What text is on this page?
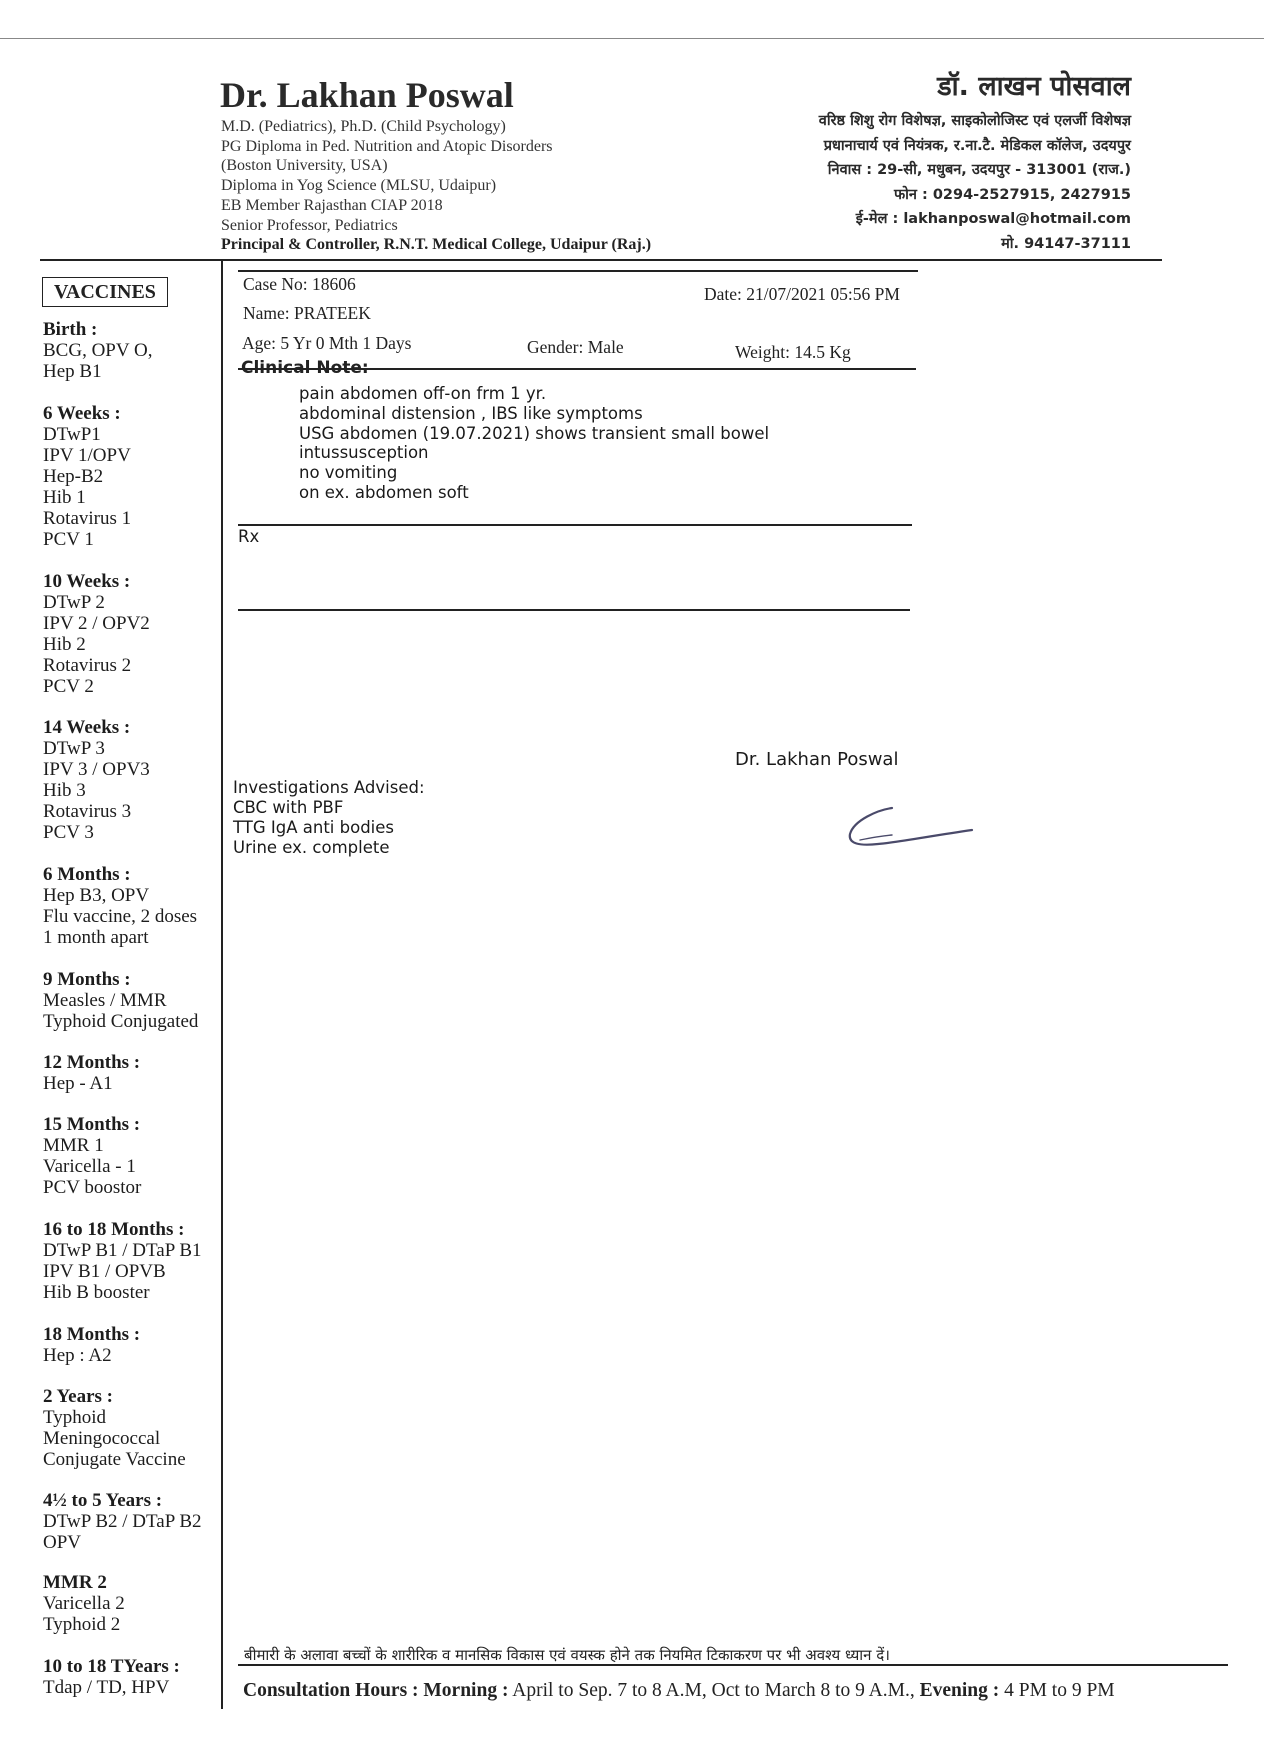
Dr. Lakhan Poswal
M.D. (Pediatrics), Ph.D. (Child Psychology)
PG Diploma in Ped. Nutrition and Atopic Disorders
(Boston University, USA)
Diploma in Yog Science (MLSU, Udaipur)
EB Member Rajasthan CIAP 2018
Senior Professor, Pediatrics
Principal & Controller, R.N.T. Medical College, Udaipur (Raj.)
डॉ. लाखन पोसवाल
वरिष्ठ शिशु रोग विशेषज्ञ, साइकोलोजिस्ट एवं एलर्जी विशेषज्ञ
प्रधानाचार्य एवं नियंत्रक, र.ना.टै. मेडिकल कॉलेज, उदयपुर
निवास : 29-सी, मधुबन, उदयपुर - 313001 (राज.)
फोन : 0294-2527915, 2427915
ई-मेल : lakhanposwal@hotmail.com
मो. 94147-37111
VACCINES
Birth :
BCG, OPV O,
Hep B1
6 Weeks :
DTwP1
IPV 1/OPV
Hep-B2
Hib 1
Rotavirus 1
PCV 1
10 Weeks :
DTwP 2
IPV 2 / OPV2
Hib 2
Rotavirus 2
PCV 2
14 Weeks :
DTwP 3
IPV 3 / OPV3
Hib 3
Rotavirus 3
PCV 3
6 Months :
Hep B3, OPV
Flu vaccine, 2 doses
1 month apart
9 Months :
Measles / MMR
Typhoid Conjugated
12 Months :
Hep - A1
15 Months :
MMR 1
Varicella - 1
PCV boostor
16 to 18 Months :
DTwP B1 / DTaP B1
IPV B1 / OPVB
Hib B booster
18 Months :
Hep : A2
2 Years :
Typhoid
Meningococcal
Conjugate Vaccine
4½ to 5 Years :
DTwP B2 / DTaP B2
OPV
MMR 2
Varicella 2
Typhoid 2
10 to 18 TYears :
Tdap / TD, HPV
Case No: 18606	Date: 21/07/2021 05:56 PM
Name: PRATEEK
Age: 5 Yr 0 Mth 1 Days	Gender: Male	Weight: 14.5 Kg
Clinical Note:
pain abdomen off-on frm 1 yr.
abdominal distension , IBS like symptoms
USG abdomen (19.07.2021) shows transient small bowel
intussusception
no vomiting
on ex. abdomen soft
Rx
Dr. Lakhan Poswal
Investigations Advised:
CBC with PBF
TTG IgA anti bodies
Urine ex. complete
बीमारी के अलावा बच्चों के शारीरिक व मानसिक विकास एवं वयस्क होने तक नियमित टिकाकरण पर भी अवश्य ध्यान दें।
Consultation Hours : Morning : April to Sep. 7 to 8 A.M, Oct to March 8 to 9 A.M., Evening : 4 PM to 9 PM
